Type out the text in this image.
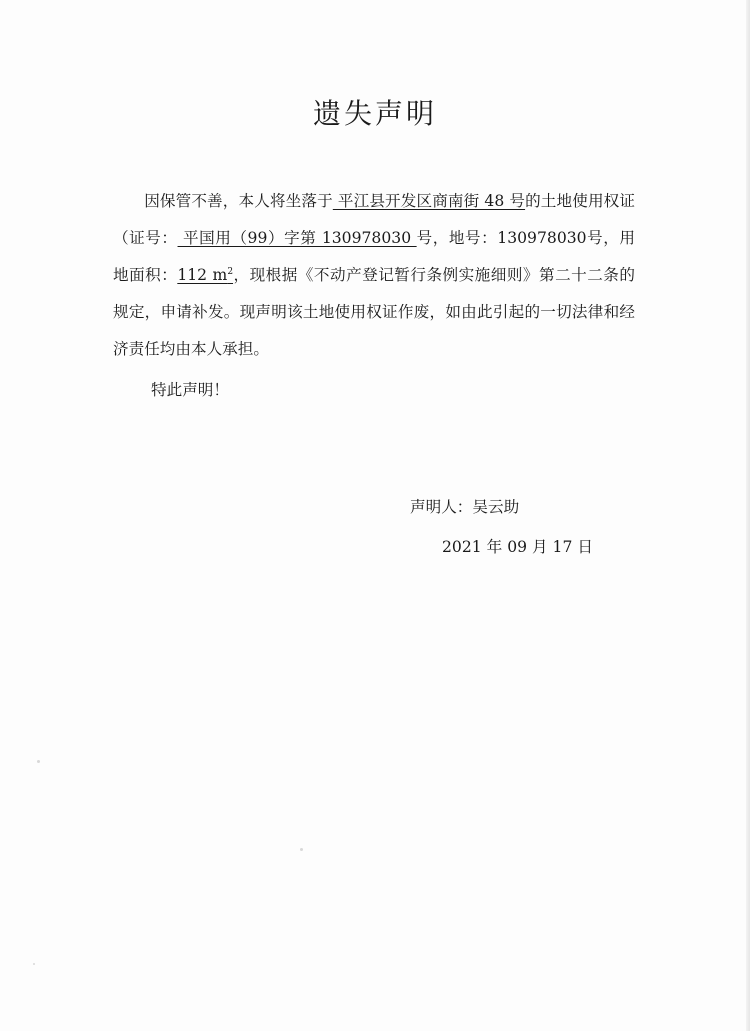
遗失声明

因保管不善，本人将坐落于 平江县开发区商南街 48 号的土地使用权证（证号： 平国用（99）字第 130978030 号，地号：130978030号，用地面积：112 $m^2$，现根据《不动产登记暂行条例实施细则》第二十二条的规定，申请补发。现声明该土地使用权证作废，如由此引起的一切法律和经济责任均由本人承担。

特此声明！

声明人：吴云助
2021 年 09 月 17 日
